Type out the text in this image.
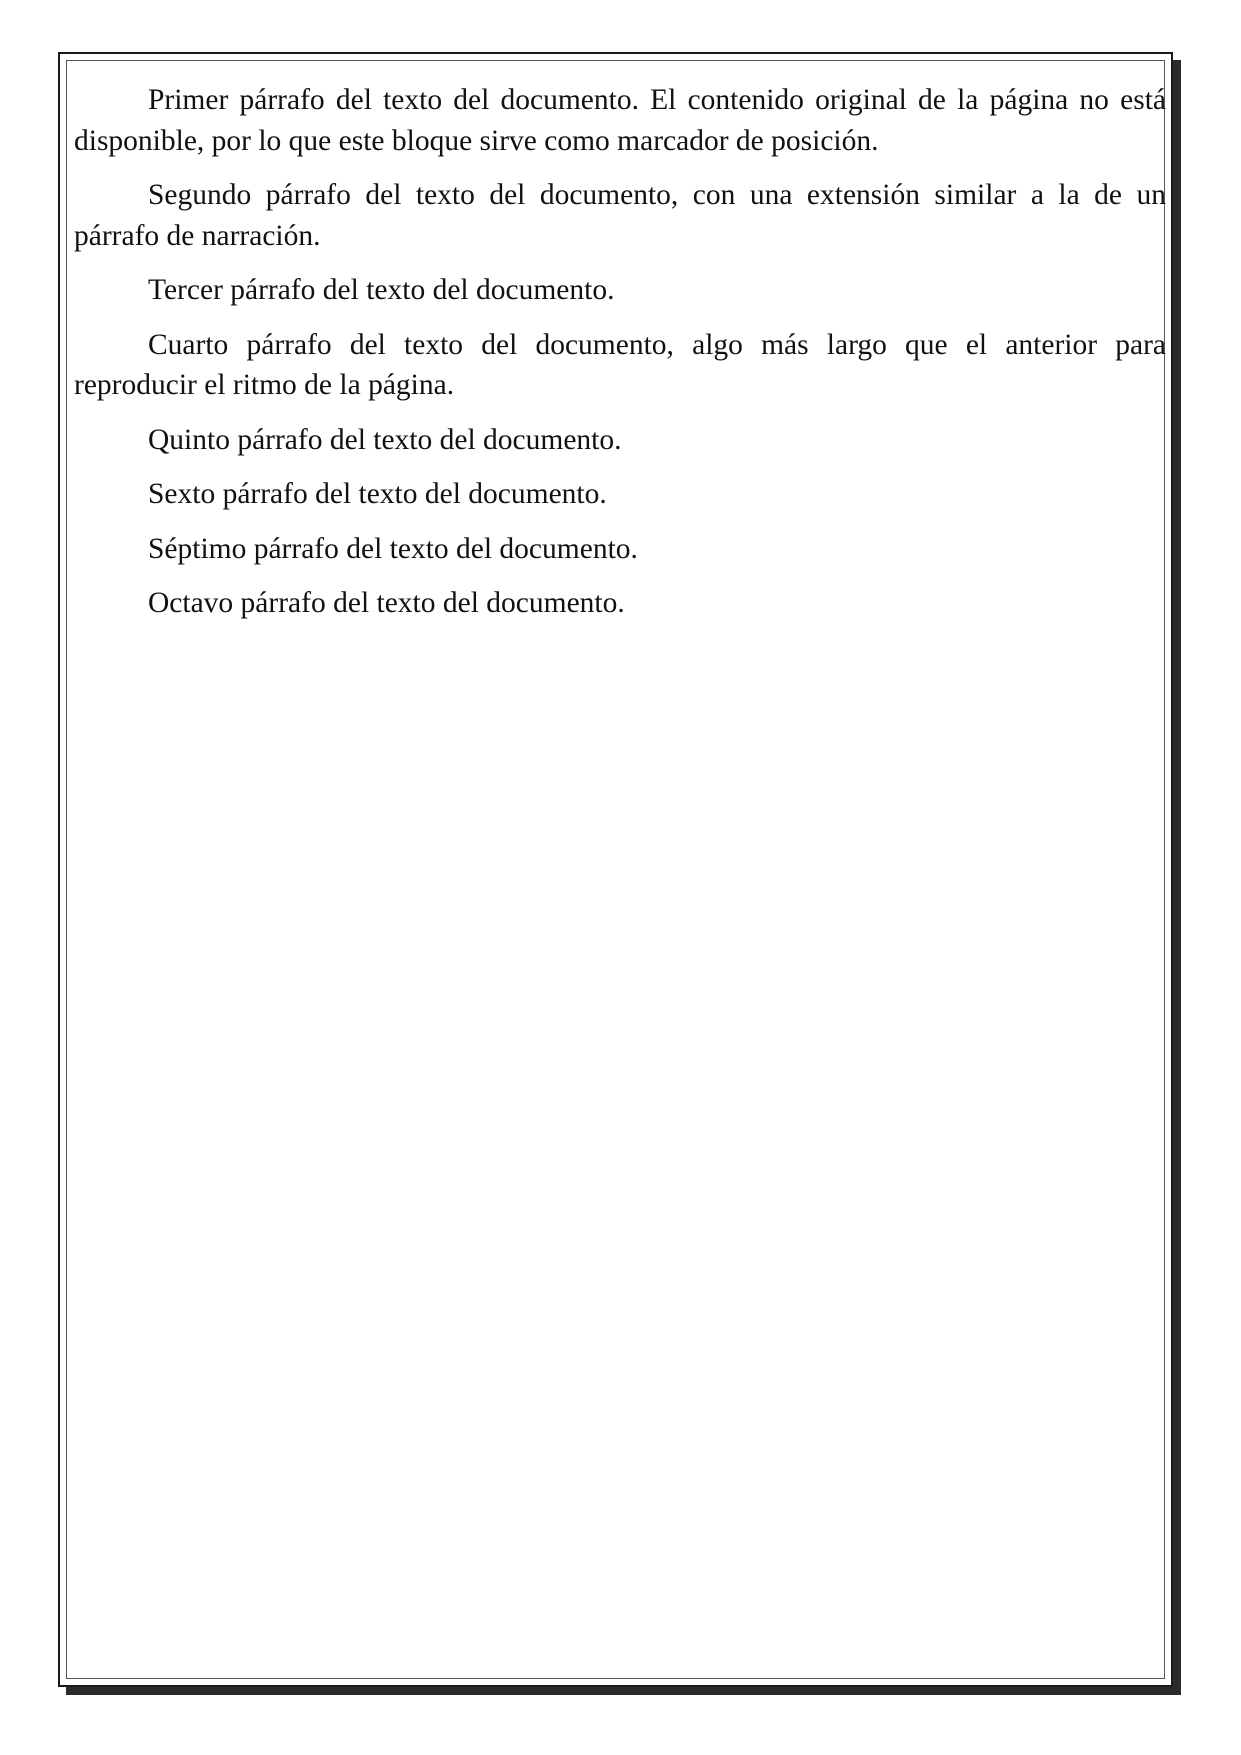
Primer párrafo del texto del documento. El contenido original de la página no está disponible, por lo que este bloque sirve como marcador de posición.

Segundo párrafo del texto del documento, con una extensión similar a la de un párrafo de narración.

Tercer párrafo del texto del documento.

Cuarto párrafo del texto del documento, algo más largo que el anterior para reproducir el ritmo de la página.

Quinto párrafo del texto del documento.

Sexto párrafo del texto del documento.

Séptimo párrafo del texto del documento.

Octavo párrafo del texto del documento.
